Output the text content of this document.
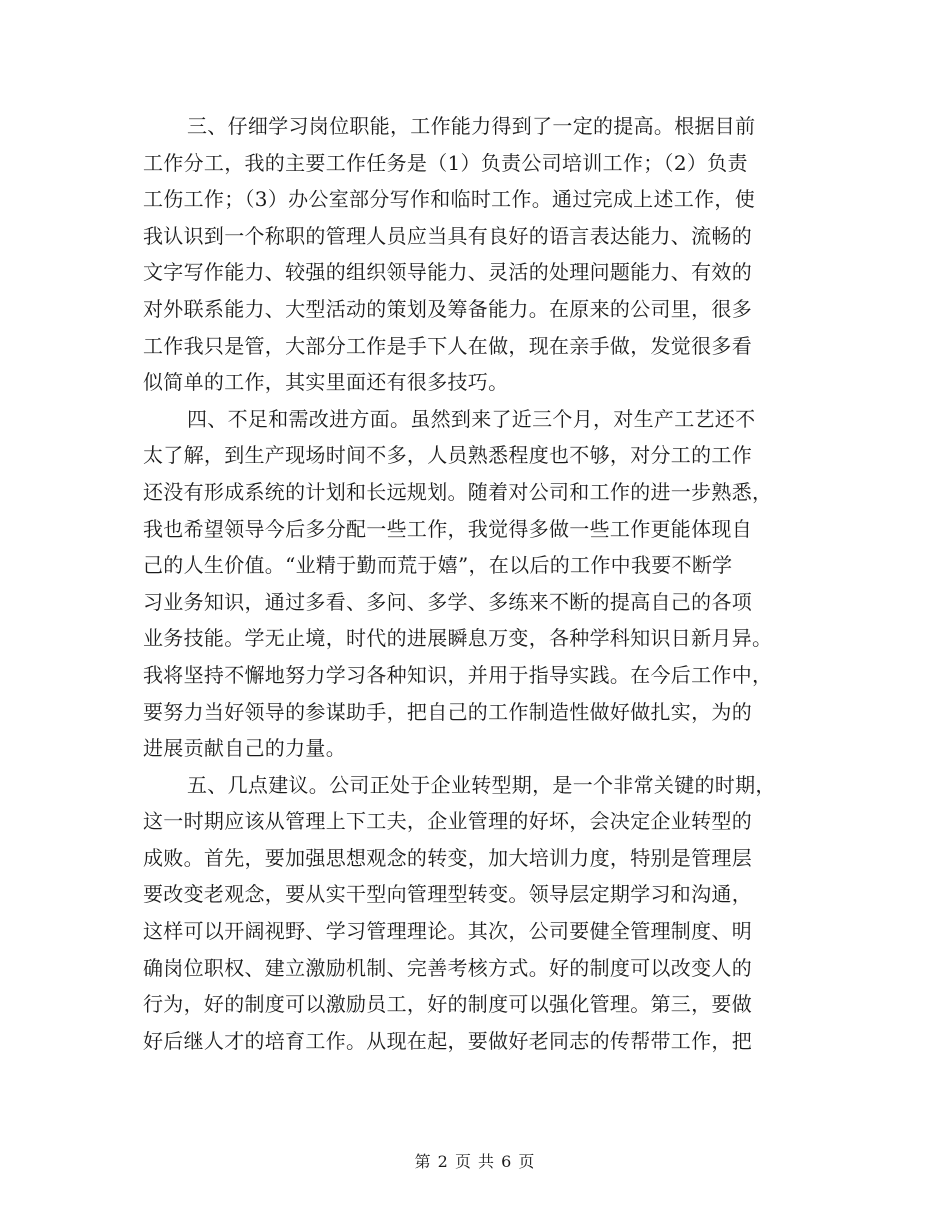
三、仔细学习岗位职能，工作能力得到了一定的提高。根据目前
工作分工，我的主要工作任务是（1）负责公司培训工作；（2）负责
工伤工作；（3）办公室部分写作和临时工作。通过完成上述工作，使
我认识到一个称职的管理人员应当具有良好的语言表达能力、流畅的
文字写作能力、较强的组织领导能力、灵活的处理问题能力、有效的
对外联系能力、大型活动的策划及筹备能力。在原来的公司里，很多
工作我只是管，大部分工作是手下人在做，现在亲手做，发觉很多看
似简单的工作，其实里面还有很多技巧。
四、不足和需改进方面。虽然到来了近三个月，对生产工艺还不
太了解，到生产现场时间不多，人员熟悉程度也不够，对分工的工作
还没有形成系统的计划和长远规划。随着对公司和工作的进一步熟悉，
我也希望领导今后多分配一些工作，我觉得多做一些工作更能体现自
己的人生价值。“业精于勤而荒于嬉”，在以后的工作中我要不断学
习业务知识，通过多看、多问、多学、多练来不断的提高自己的各项
业务技能。学无止境，时代的进展瞬息万变，各种学科知识日新月异。
我将坚持不懈地努力学习各种知识，并用于指导实践。在今后工作中，
要努力当好领导的参谋助手，把自己的工作制造性做好做扎实，为的
进展贡献自己的力量。
五、几点建议。公司正处于企业转型期，是一个非常关键的时期，
这一时期应该从管理上下工夫，企业管理的好坏，会决定企业转型的
成败。首先，要加强思想观念的转变，加大培训力度，特别是管理层
要改变老观念，要从实干型向管理型转变。领导层定期学习和沟通，
这样可以开阔视野、学习管理理论。其次，公司要健全管理制度、明
确岗位职权、建立激励机制、完善考核方式。好的制度可以改变人的
行为，好的制度可以激励员工，好的制度可以强化管理。第三，要做
好后继人才的培育工作。从现在起，要做好老同志的传帮带工作，把
第 2 页 共 6 页
